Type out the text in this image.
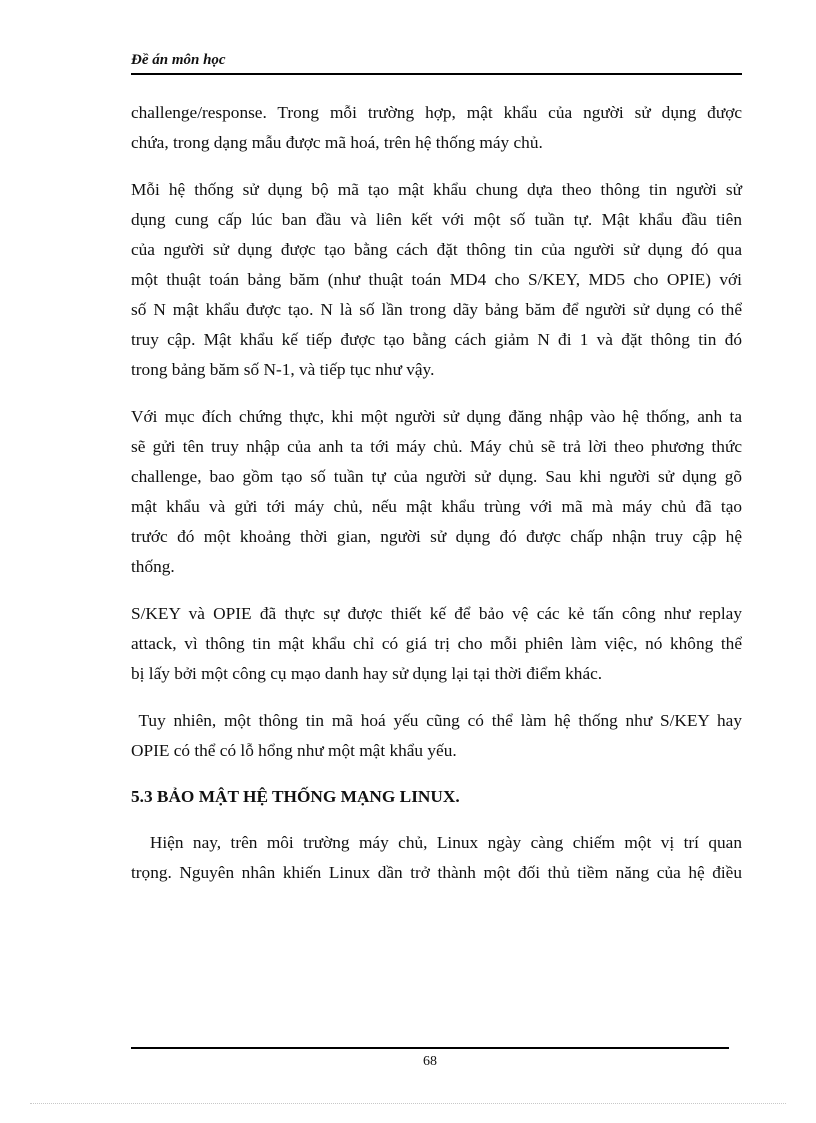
Đề án môn học

challenge/response. Trong mỗi trường hợp, mật khẩu của người sử dụng được
chứa, trong dạng mẫu được mã hoá, trên hệ thống máy chủ.

Mỗi hệ thống sử dụng bộ mã tạo mật khẩu chung dựa theo thông tin người sử
dụng cung cấp lúc ban đầu và liên kết với một số tuần tự. Mật khẩu đầu tiên
của người sử dụng được tạo bằng cách đặt thông tin của người sử dụng đó qua
một thuật toán bảng băm (như thuật toán MD4 cho S/KEY, MD5 cho OPIE) với
số N mật khẩu được tạo. N là số lần trong dãy bảng băm để người sử dụng có thể
truy cập. Mật khẩu kế tiếp được tạo bằng cách giảm N đi 1 và đặt thông tin đó
trong bảng băm số N-1, và tiếp tục như vậy.

Với mục đích chứng thực, khi một người sử dụng đăng nhập vào hệ thống, anh ta
sẽ gửi tên truy nhập của anh ta tới máy chủ. Máy chủ sẽ trả lời theo phương thức
challenge, bao gồm tạo số tuần tự của người sử dụng. Sau khi người sử dụng gõ
mật khẩu và gửi tới máy chủ, nếu mật khẩu trùng với mã mà máy chủ đã tạo
trước đó một khoảng thời gian, người sử dụng đó được chấp nhận truy cập hệ
thống.

S/KEY và OPIE đã thực sự được thiết kế để bảo vệ các kẻ tấn công như replay
attack, vì thông tin mật khẩu chỉ có giá trị cho mỗi phiên làm việc, nó không thể
bị lấy bởi một công cụ mạo danh hay sử dụng lại tại thời điểm khác.

Tuy nhiên, một thông tin mã hoá yếu cũng có thể làm hệ thống như S/KEY hay
OPIE có thể có lỗ hổng như một mật khẩu yếu.

5.3 BẢO MẬT HỆ THỐNG MẠNG LINUX.

Hiện nay, trên môi trường máy chủ, Linux ngày càng chiếm một vị trí quan
trọng. Nguyên nhân khiến Linux dần trở thành một đối thủ tiềm năng của hệ điều

68
